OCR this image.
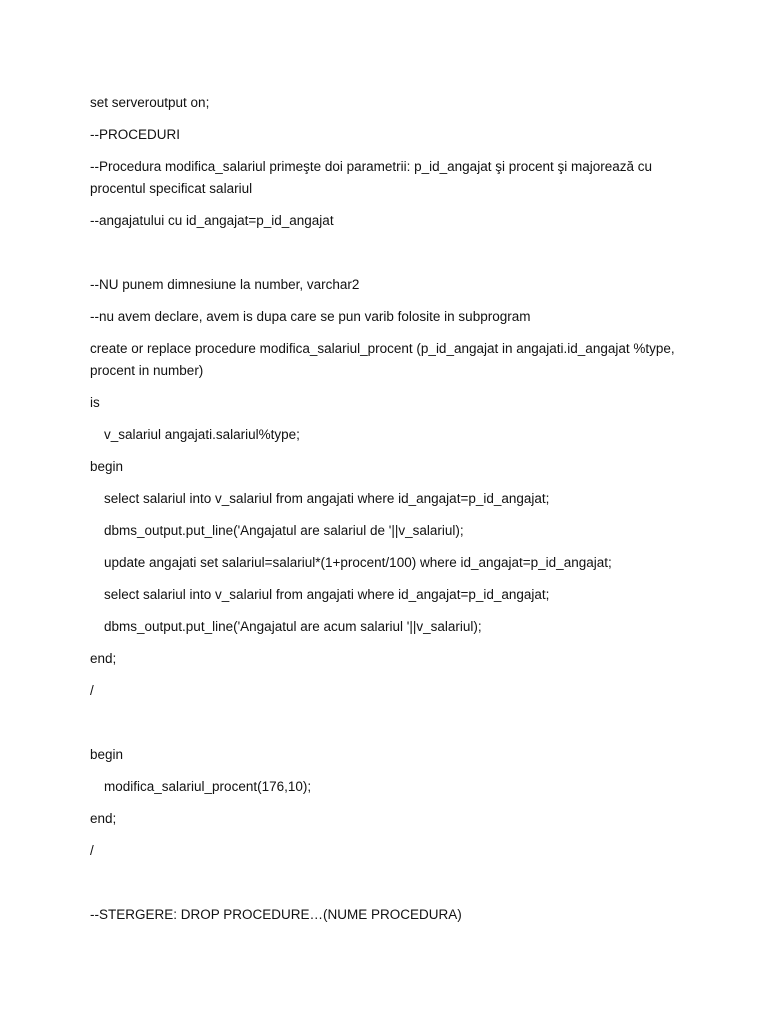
set serveroutput on;

--PROCEDURI

--Procedura modifica_salariul primeşte doi parametrii: p_id_angajat şi procent şi majorează cu procentul specificat salariul

--angajatului cu id_angajat=p_id_angajat

--NU punem dimnesiune la number, varchar2

--nu avem declare, avem is dupa care se pun varib folosite in subprogram

create or replace procedure modifica_salariul_procent (p_id_angajat in angajati.id_angajat %type, procent in number)

is

v_salariul angajati.salariul%type;

begin

select salariul into v_salariul from angajati where id_angajat=p_id_angajat;

dbms_output.put_line('Angajatul are salariul de '||v_salariul);

update angajati set salariul=salariul*(1+procent/100) where id_angajat=p_id_angajat;

select salariul into v_salariul from angajati where id_angajat=p_id_angajat;

dbms_output.put_line('Angajatul are acum salariul '||v_salariul);

end;

/

begin

modifica_salariul_procent(176,10);

end;

/

--STERGERE: DROP PROCEDURE…(NUME PROCEDURA)
